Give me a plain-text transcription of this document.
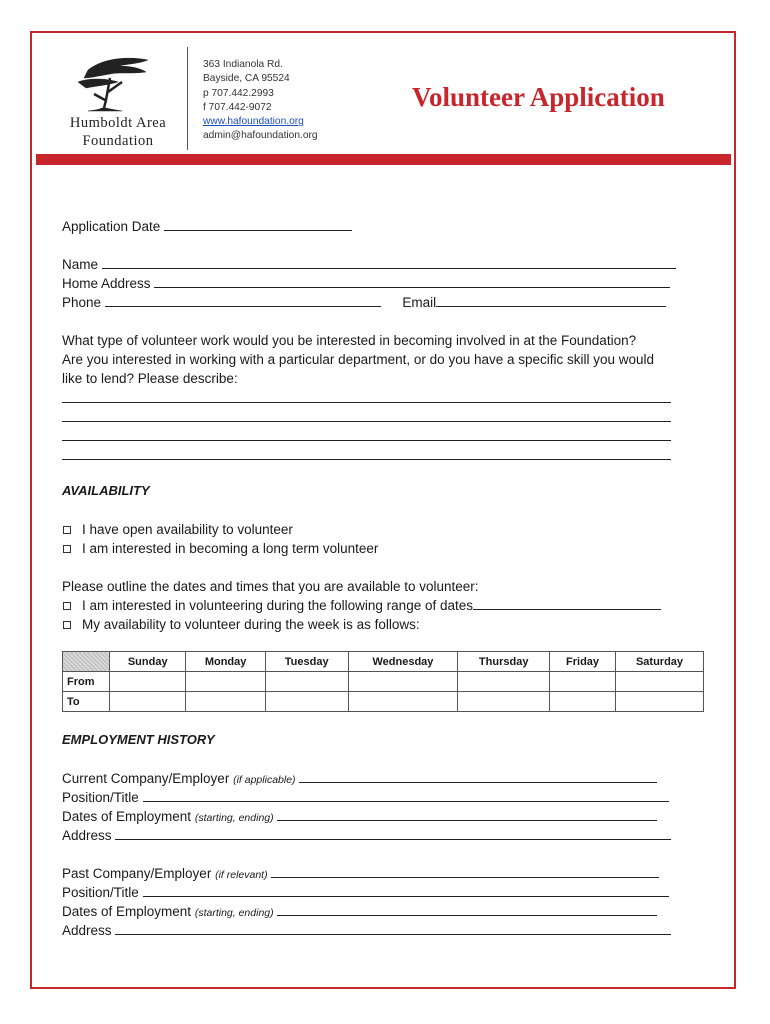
Humboldt Area
Foundation
363 Indianola Rd.
Bayside, CA 95524
p 707.442.2993
f 707.442-9072
www.hafoundation.org
admin@hafoundation.org
Volunteer Application
Application Date
Name
Home Address
Phone	Email
What type of volunteer work would you be interested in becoming involved in at the Foundation?
Are you interested in working with a particular department, or do you have a specific skill you would
like to lend? Please describe:
AVAILABILITY
I have open availability to volunteer
I am interested in becoming a long term volunteer
Please outline the dates and times that you are available to volunteer:
I am interested in volunteering during the following range of dates
My availability to volunteer during the week is as follows:
	Sunday	Monday	Tuesday	Wednesday	Thursday	Friday	Saturday
From							
To							
EMPLOYMENT HISTORY
Current Company/Employer (if applicable)
Position/Title
Dates of Employment (starting, ending)
Address
Past Company/Employer (if relevant)
Position/Title
Dates of Employment (starting, ending)
Address
